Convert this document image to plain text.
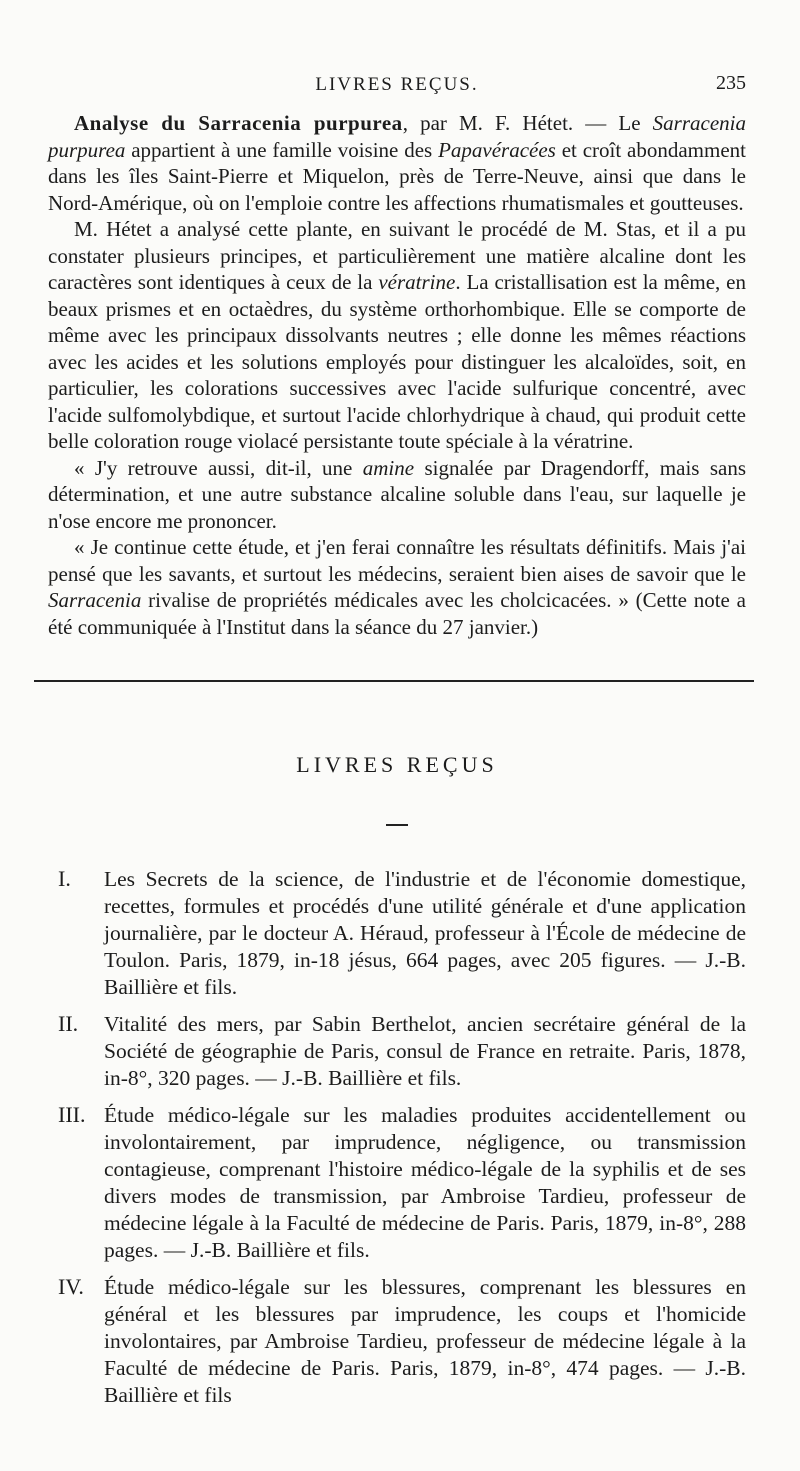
LIVRES REÇUS.	235

Analyse du Sarracenia purpurea, par M. F. Hétet. — Le Sarracenia purpurea appartient à une famille voisine des Papavéracées et croît abondamment dans les îles Saint-Pierre et Miquelon, près de Terre-Neuve, ainsi que dans le Nord-Amérique, où on l'emploie contre les affections rhumatismales et goutteuses.

M. Hétet a analysé cette plante, en suivant le procédé de M. Stas, et il a pu constater plusieurs principes, et particulièrement une matière alcaline dont les caractères sont identiques à ceux de la vératrine. La cristallisation est la même, en beaux prismes et en octaèdres, du système orthorhombique. Elle se comporte de même avec les principaux dissolvants neutres ; elle donne les mêmes réactions avec les acides et les solutions employés pour distinguer les alcaloïdes, soit, en particulier, les colorations successives avec l'acide sulfurique concentré, avec l'acide sulfomolybdique, et surtout l'acide chlorhydrique à chaud, qui produit cette belle coloration rouge violacé persistante toute spéciale à la vératrine.

« J'y retrouve aussi, dit-il, une amine signalée par Dragendorff, mais sans détermination, et une autre substance alcaline soluble dans l'eau, sur laquelle je n'ose encore me prononcer.

« Je continue cette étude, et j'en ferai connaître les résultats définitifs. Mais j'ai pensé que les savants, et surtout les médecins, seraient bien aises de savoir que le Sarracenia rivalise de propriétés médicales avec les cholcicacées. » (Cette note a été communiquée à l'Institut dans la séance du 27 janvier.)

LIVRES REÇUS
I.	Les Secrets de la science, de l'industrie et de l'économie domestique, recettes, formules et procédés d'une utilité générale et d'une application journalière, par le docteur A. Héraud, professeur à l'École de médecine de Toulon. Paris, 1879, in-18 jésus, 664 pages, avec 205 figures. — J.-B. Baillière et fils.

II.	Vitalité des mers, par Sabin Berthelot, ancien secrétaire général de la Société de géographie de Paris, consul de France en retraite. Paris, 1878, in-8°, 320 pages. — J.-B. Baillière et fils.

III. Étude médico-légale sur les maladies produites accidentellement ou involontairement, par imprudence, négligence, ou transmission contagieuse, comprenant l'histoire médico-légale de la syphilis et de ses divers modes de transmission, par Ambroise Tardieu, professeur de médecine légale à la Faculté de médecine de Paris. Paris, 1879, in-8°, 288 pages. — J.-B. Baillière et fils.

IV. Étude médico-légale sur les blessures, comprenant les blessures en général et les blessures par imprudence, les coups et l'homicide involontaires, par Ambroise Tardieu, professeur de médecine légale à la Faculté de médecine de Paris. Paris, 1879, in-8°, 474 pages. — J.-B. Baillière et fils
